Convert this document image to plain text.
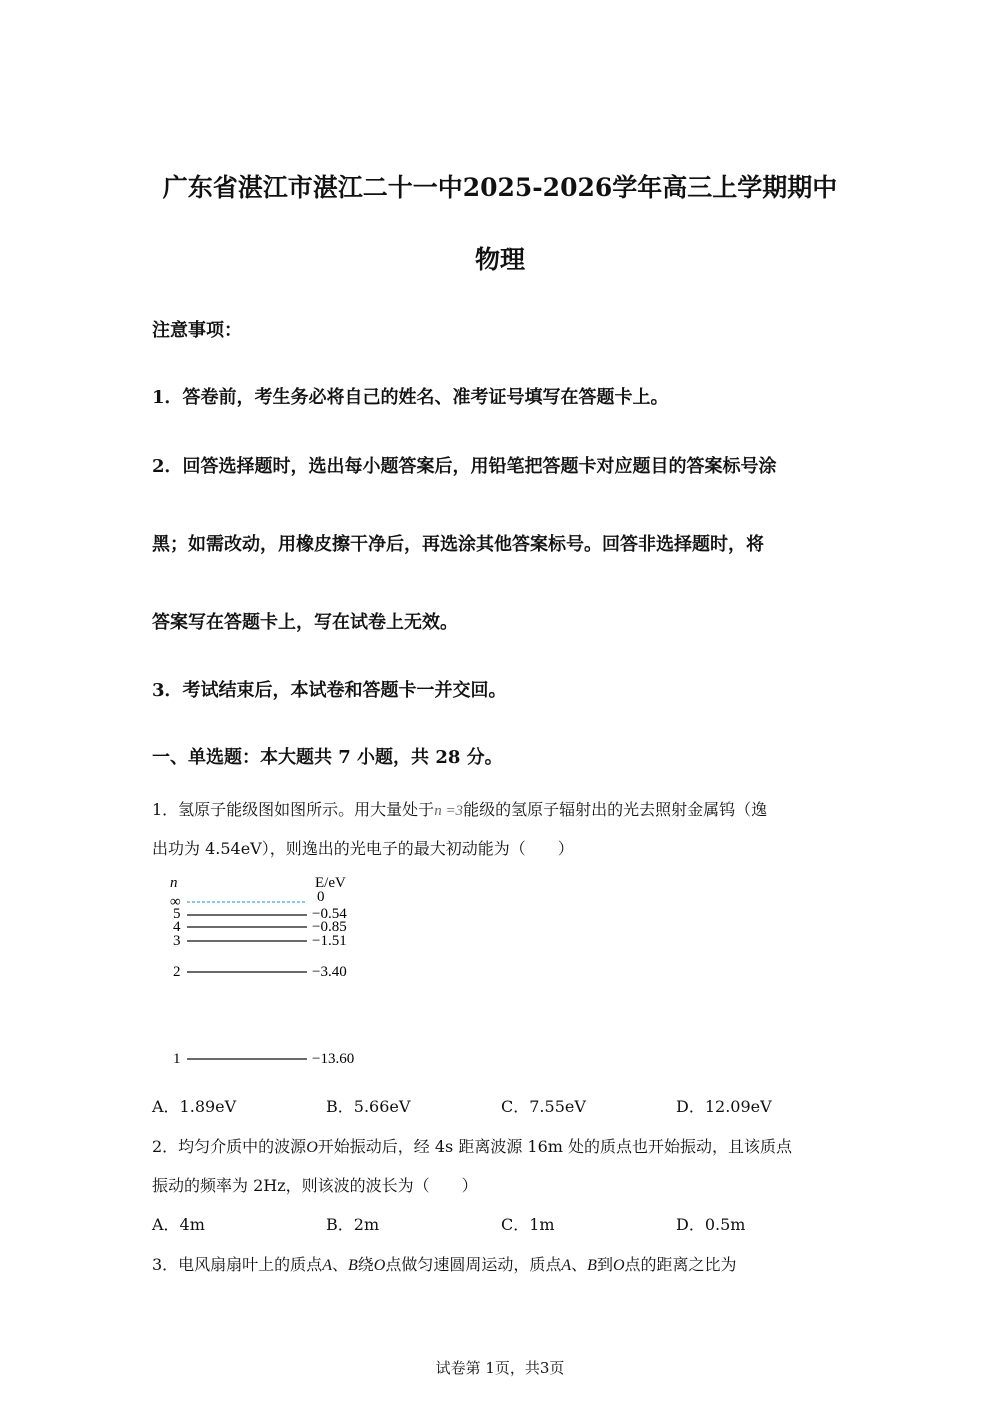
广东省湛江市湛江二十一中2025-2026学年高三上学期期中
物理
注意事项：
1．答卷前，考生务必将自己的姓名、准考证号填写在答题卡上。
2．回答选择题时，选出每小题答案后，用铅笔把答题卡对应题目的答案标号涂
黑；如需改动，用橡皮擦干净后，再选涂其他答案标号。回答非选择题时，将
答案写在答题卡上，写在试卷上无效。
3．考试结束后，本试卷和答题卡一并交回。
一、单选题：本大题共 7 小题，共 28 分。
1．氢原子能级图如图所示。用大量处于n =3能级的氢原子辐射出的光去照射金属钨（逸
出功为 4.54eV），则逸出的光电子的最大初动能为（　　）
n	E/eV
∞	0
5	−0.54
4	−0.85
3	−1.51
2	−3.40
1	−13.60
A．1.89eV	B．5.66eV	C．7.55eV	D．12.09eV
2．均匀介质中的波源O开始振动后，经 4s 距离波源 16m 处的质点也开始振动，且该质点
振动的频率为 2Hz，则该波的波长为（　　）
A．4m	B．2m	C．1m	D．0.5m
3．电风扇扇叶上的质点A、B绕O点做匀速圆周运动，质点A、B到O点的距离之比为
试卷第 1页，共3页
